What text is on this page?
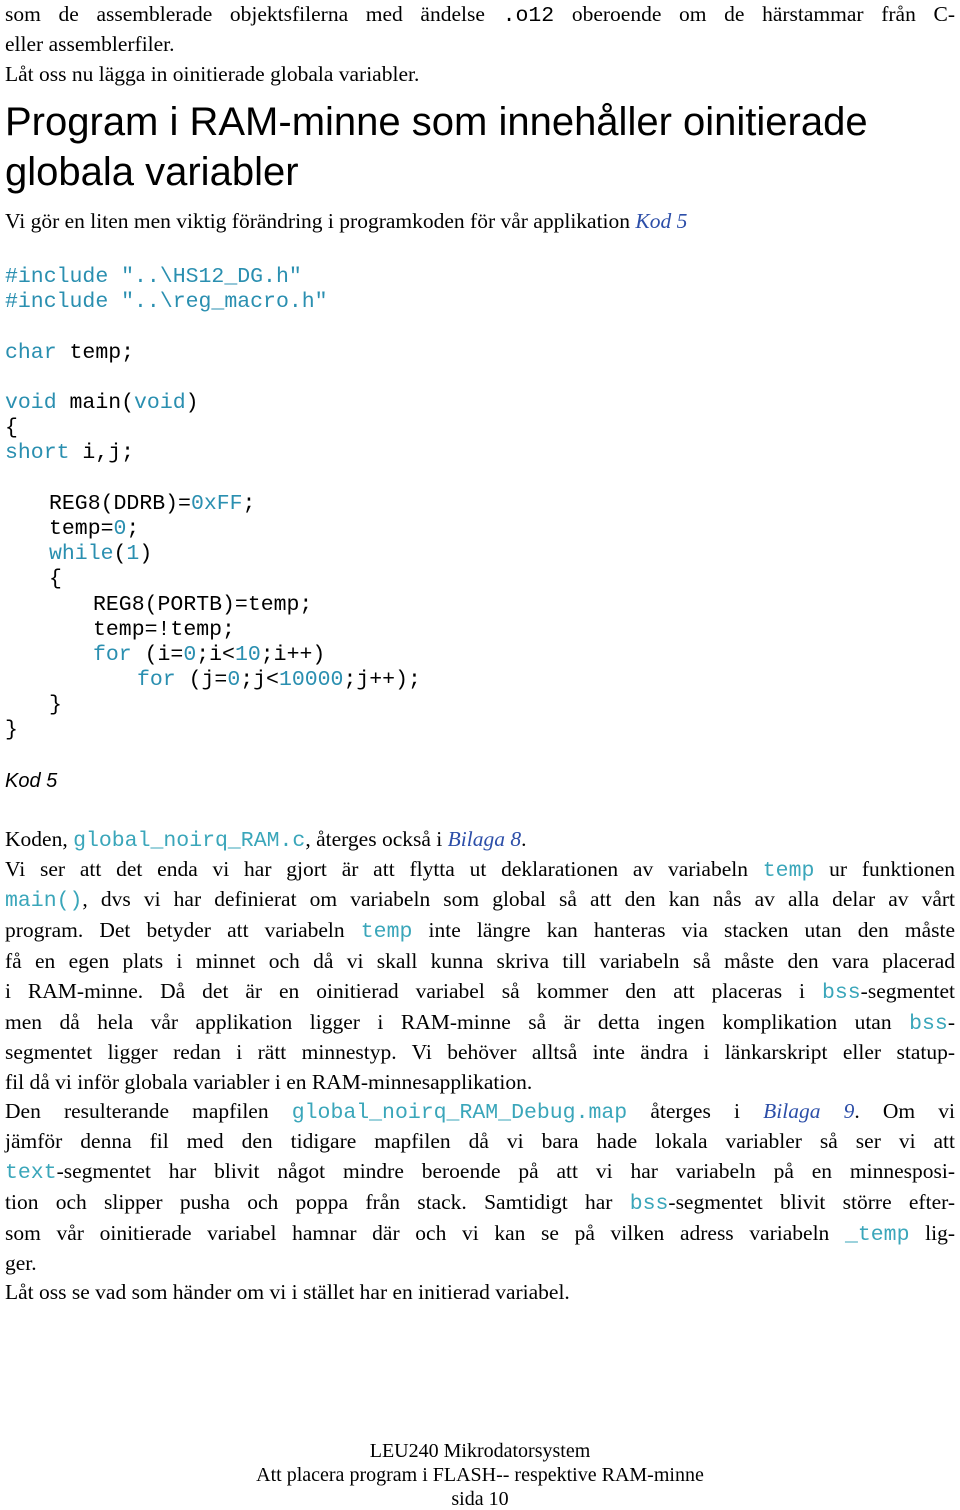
som de assemblerade objektsfilerna med ändelse .o12 oberoende om de härstammar från C-
eller assemblerfiler.
Låt oss nu lägga in oinitierade globala variabler.
Program i RAM-minne som innehåller oinitierade
globala variabler
Vi gör en liten men viktig förändring i programkoden för vår applikation Kod 5
#include "..\HS12_DG.h"
#include "..\reg_macro.h"
char temp;
void main(void)
{
short i,j;
REG8(DDRB)=0xFF;
temp=0;
while(1)
{
REG8(PORTB)=temp;
temp=!temp;
for (i=0;i<10;i++)
for (j=0;j<10000;j++);
}
}
Kod 5
Koden, global_noirq_RAM.c, återges också i Bilaga 8.
Vi ser att det enda vi har gjort är att flytta ut deklarationen av variabeln temp ur funktionen
main(), dvs vi har definierat om variabeln som global så att den kan nås av alla delar av vårt
program. Det betyder att variabeln temp inte längre kan hanteras via stacken utan den måste
få en egen plats i minnet och då vi skall kunna skriva till variabeln så måste den vara placerad
i RAM-minne. Då det är en oinitierad variabel så kommer den att placeras i bss-segmentet
men då hela vår applikation ligger i RAM-minne så är detta ingen komplikation utan bss-
segmentet ligger redan i rätt minnestyp. Vi behöver alltså inte ändra i länkarskript eller statup-
fil då vi inför globala variabler i en RAM-minnesapplikation.
Den resulterande mapfilen global_noirq_RAM_Debug.map återges i Bilaga 9. Om vi
jämför denna fil med den tidigare mapfilen då vi bara hade lokala variabler så ser vi att
text-segmentet har blivit något mindre beroende på att vi har variabeln på en minnesposi-
tion och slipper pusha och poppa från stack. Samtidigt har bss-segmentet blivit större efter-
som vår oinitierade variabel hamnar där och vi kan se på vilken adress variabeln _temp lig-
ger.
Låt oss se vad som händer om vi i stället har en initierad variabel.
LEU240 Mikrodatorsystem
Att placera program i FLASH-- respektive RAM-minne
sida 10
